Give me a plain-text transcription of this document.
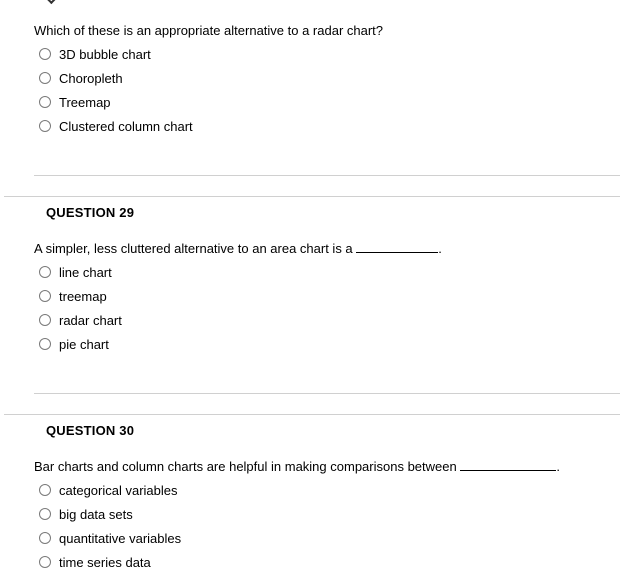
Which of these is an appropriate alternative to a radar chart?
3D bubble chart
Choropleth
Treemap
Clustered column chart
QUESTION 29
A simpler, less cluttered alternative to an area chart is a	.
line chart
treemap
radar chart
pie chart
QUESTION 30
Bar charts and column charts are helpful in making comparisons between	.
categorical variables
big data sets
quantitative variables
time series data
